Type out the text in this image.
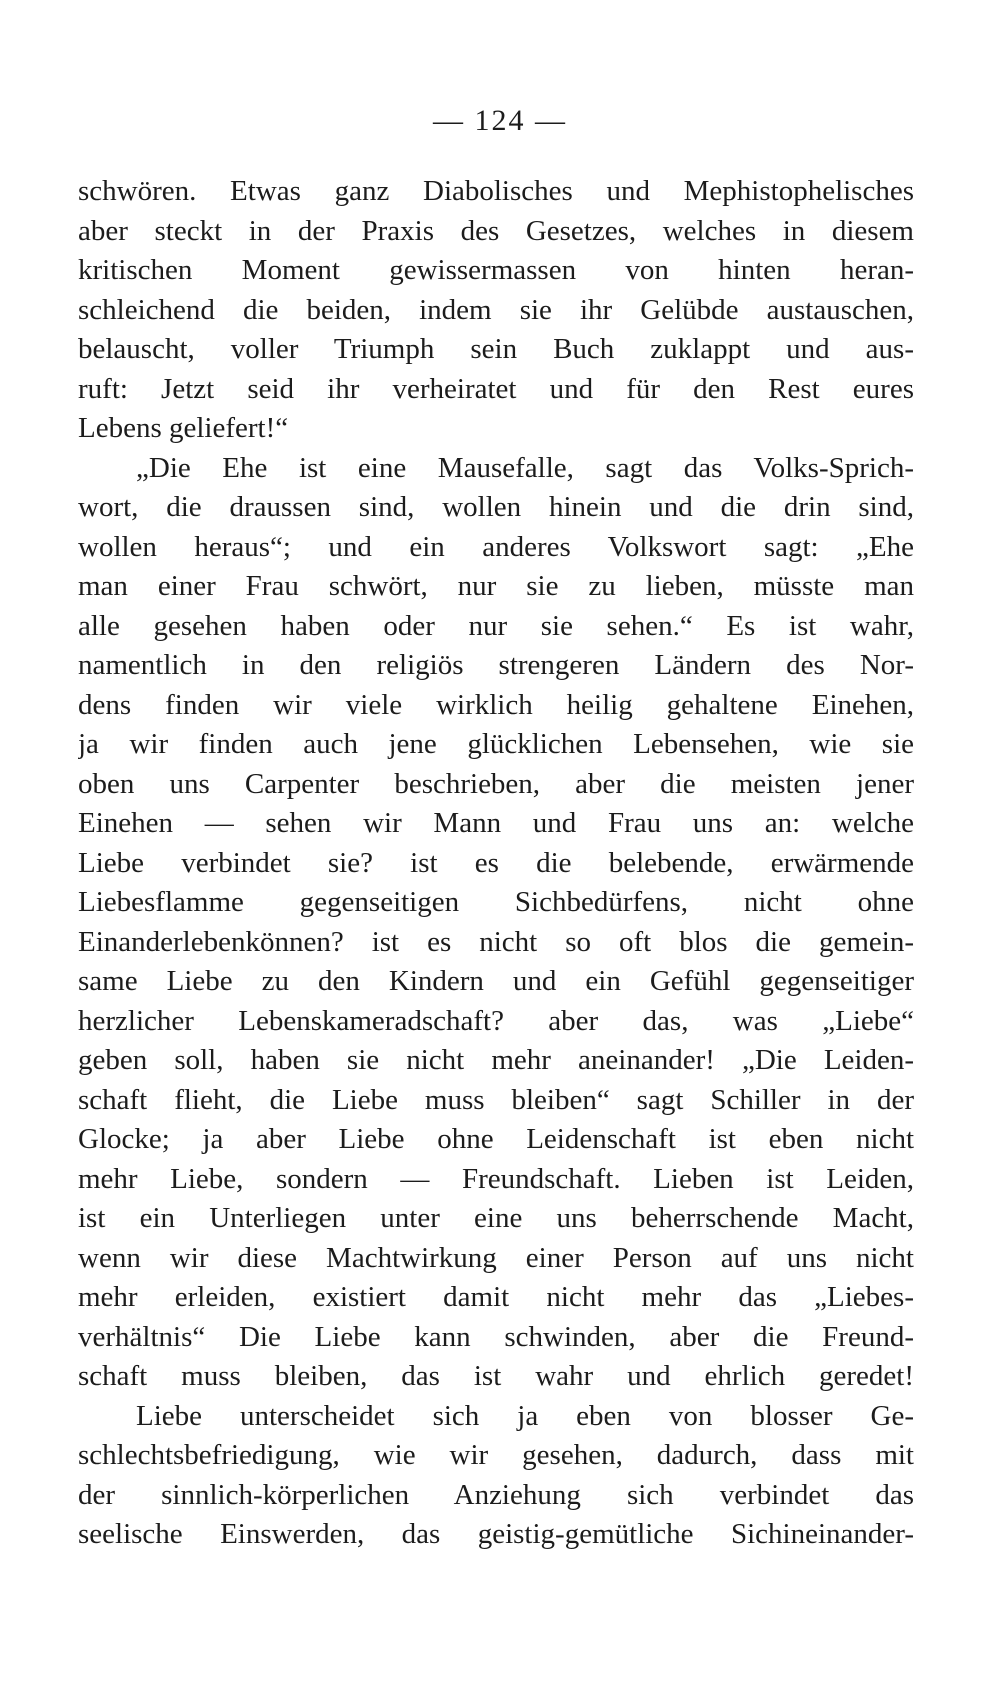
— 124 —
schwören. Etwas ganz Diabolisches und Mephistophelisches
aber steckt in der Praxis des Gesetzes, welches in diesem
kritischen Moment gewissermassen von hinten heran-
schleichend die beiden, indem sie ihr Gelübde austauschen,
belauscht, voller Triumph sein Buch zuklappt und aus-
ruft: Jetzt seid ihr verheiratet und für den Rest eures
Lebens geliefert!“
„Die Ehe ist eine Mausefalle, sagt das Volks-Sprich-
wort, die draussen sind, wollen hinein und die drin sind,
wollen heraus“; und ein anderes Volkswort sagt: „Ehe
man einer Frau schwört, nur sie zu lieben, müsste man
alle gesehen haben oder nur sie sehen.“ Es ist wahr,
namentlich in den religiös strengeren Ländern des Nor-
dens finden wir viele wirklich heilig gehaltene Einehen,
ja wir finden auch jene glücklichen Lebensehen, wie sie
oben uns Carpenter beschrieben, aber die meisten jener
Einehen — sehen wir Mann und Frau uns an: welche
Liebe verbindet sie? ist es die belebende, erwärmende
Liebesflamme gegenseitigen Sichbedürfens, nicht ohne
Einanderlebenkönnen? ist es nicht so oft blos die gemein-
same Liebe zu den Kindern und ein Gefühl gegenseitiger
herzlicher Lebenskameradschaft? aber das, was „Liebe“
geben soll, haben sie nicht mehr aneinander! „Die Leiden-
schaft flieht, die Liebe muss bleiben“ sagt Schiller in der
Glocke; ja aber Liebe ohne Leidenschaft ist eben nicht
mehr Liebe, sondern — Freundschaft. Lieben ist Leiden,
ist ein Unterliegen unter eine uns beherrschende Macht,
wenn wir diese Machtwirkung einer Person auf uns nicht
mehr erleiden, existiert damit nicht mehr das „Liebes-
verhältnis“ Die Liebe kann schwinden, aber die Freund-
schaft muss bleiben, das ist wahr und ehrlich geredet!
Liebe unterscheidet sich ja eben von blosser Ge-
schlechtsbefriedigung, wie wir gesehen, dadurch, dass mit
der sinnlich-körperlichen Anziehung sich verbindet das
seelische Einswerden, das geistig-gemütliche Sichineinander-
